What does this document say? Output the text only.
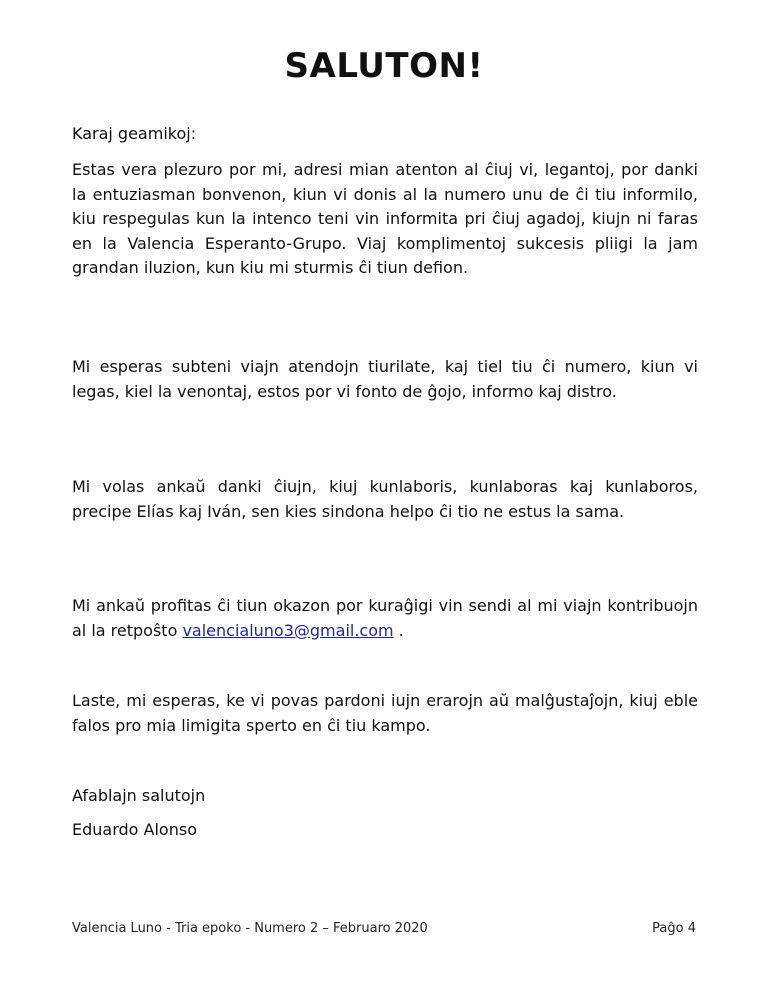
SALUTON!

Karaj geamikoj:

Estas vera plezuro por mi, adresi mian atenton al ĉiuj vi, legantoj, por danki la entuziasman bonvenon, kiun vi donis al la numero unu de ĉi tiu informilo, kiu respegulas kun la intenco teni vin informita pri ĉiuj agadoj, kiujn ni faras en la Valencia Esperanto-Grupo. Viaj komplimentoj sukcesis pliigi la jam grandan iluzion, kun kiu mi sturmis ĉi tiun defion.

Mi esperas subteni viajn atendojn tiurilate, kaj tiel tiu ĉi numero, kiun vi legas, kiel la venontaj, estos por vi fonto de ĝojo, informo kaj distro.

Mi volas ankaŭ danki ĉiujn, kiuj kunlaboris, kunlaboras kaj kunlaboros, precipe Elías kaj Iván, sen kies sindona helpo ĉi tio ne estus la sama.

Mi ankaŭ profitas ĉi tiun okazon por kuraĝigi vin sendi al mi viajn kontribuojn al la retpoŝto valencialuno3@gmail.com .

Laste, mi esperas, ke vi povas pardoni iujn erarojn aŭ malĝustaĵojn, kiuj eble falos pro mia limigita sperto en ĉi tiu kampo.

Afablajn salutojn

Eduardo Alonso

Valencia Luno - Tria epoko - Numero 2 – Februaro 2020	Paĝo 4
